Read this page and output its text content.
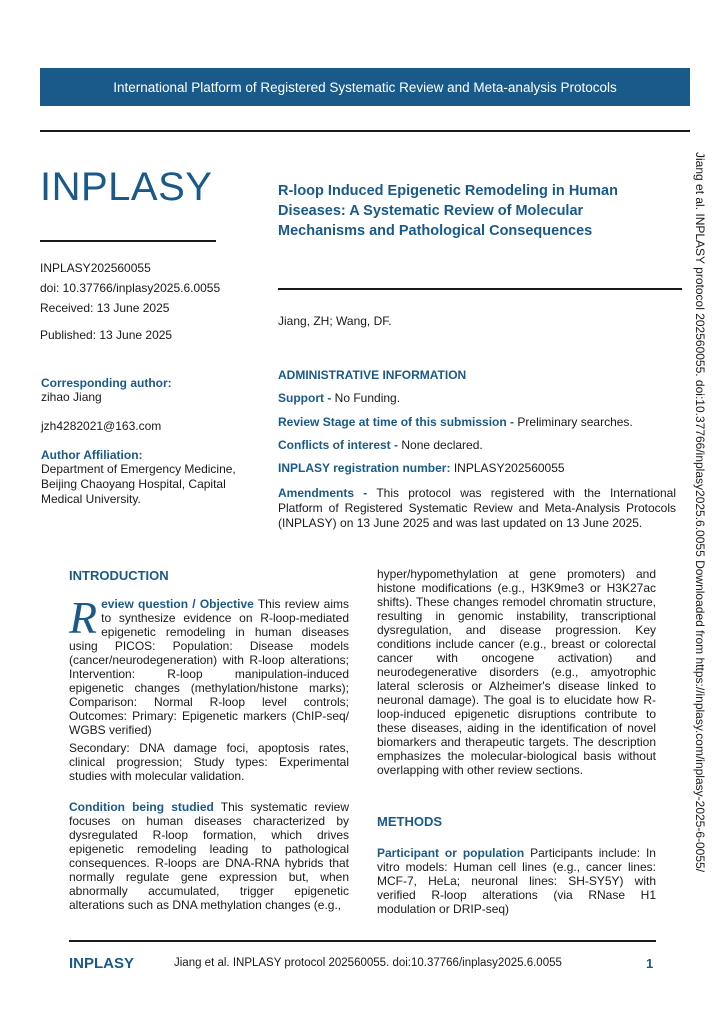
International Platform of Registered Systematic Review and Meta-analysis Protocols
INPLASY
INPLASY202560055
doi: 10.37766/inplasy2025.6.0055
Received: 13 June 2025
Published: 13 June 2025
Corresponding author:
zihao Jiang
jzh4282021@163.com
Author Affiliation:
Department of Emergency Medicine, Beijing Chaoyang Hospital, Capital Medical University.
R-loop Induced Epigenetic Remodeling in Human Diseases: A Systematic Review of Molecular Mechanisms and Pathological Consequences
Jiang, ZH; Wang, DF.
ADMINISTRATIVE INFORMATION
Support - No Funding.
Review Stage at time of this submission - Preliminary searches.
Conflicts of interest - None declared.
INPLASY registration number: INPLASY202560055
Amendments - This protocol was registered with the International Platform of Registered Systematic Review and Meta-Analysis Protocols (INPLASY) on 13 June 2025 and was last updated on 13 June 2025.
INTRODUCTION
Review question / Objective This review aims to synthesize evidence on R-loop-mediated epigenetic remodeling in human diseases using PICOS: Population: Disease models (cancer/neurodegeneration) with R-loop alterations; Intervention: R-loop manipulation-induced epigenetic changes (methylation/histone marks); Comparison: Normal R-loop level controls; Outcomes: Primary: Epigenetic markers (ChIP-seq/ WGBS verified)
Secondary: DNA damage foci, apoptosis rates, clinical progression; Study types: Experimental studies with molecular validation.
Condition being studied This systematic review focuses on human diseases characterized by dysregulated R-loop formation, which drives epigenetic remodeling leading to pathological consequences. R-loops are DNA-RNA hybrids that normally regulate gene expression but, when abnormally accumulated, trigger epigenetic alterations such as DNA methylation changes (e.g.,
hyper/hypomethylation at gene promoters) and histone modifications (e.g., H3K9me3 or H3K27ac shifts). These changes remodel chromatin structure, resulting in genomic instability, transcriptional dysregulation, and disease progression. Key conditions include cancer (e.g., breast or colorectal cancer with oncogene activation) and neurodegenerative disorders (e.g., amyotrophic lateral sclerosis or Alzheimer's disease linked to neuronal damage). The goal is to elucidate how R-loop-induced epigenetic disruptions contribute to these diseases, aiding in the identification of novel biomarkers and therapeutic targets. The description emphasizes the molecular-biological basis without overlapping with other review sections.
METHODS
Participant or population Participants include: In vitro models: Human cell lines (e.g., cancer lines: MCF-7, HeLa; neuronal lines: SH-SY5Y) with verified R-loop alterations (via RNase H1 modulation or DRIP-seq)
Jiang et al. INPLASY protocol 202560055. doi:10.37766/inplasy2025.6.0055 Downloaded from https://inplasy.com/inplasy-2025-6-0055/
INPLASY	Jiang et al. INPLASY protocol 202560055. doi:10.37766/inplasy2025.6.0055	1
